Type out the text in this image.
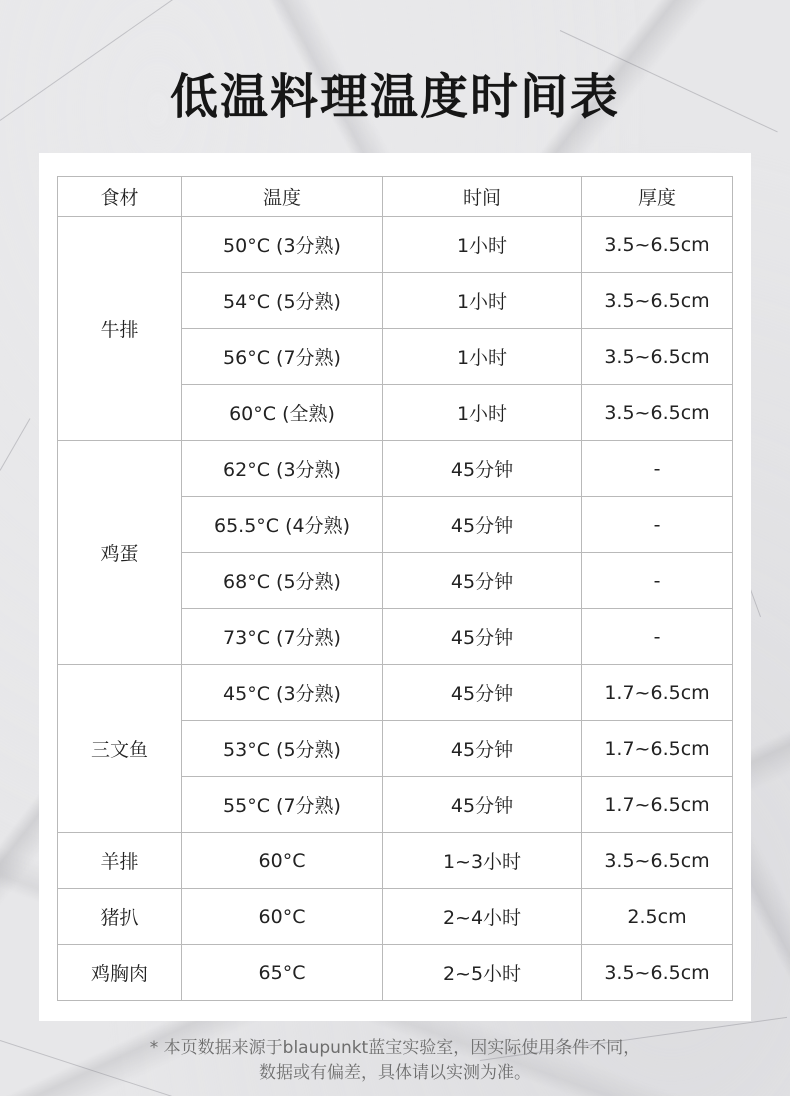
低温料理温度时间表
食材	温度	时间	厚度
牛排	50°C (3分熟)	1小时	3.5~6.5cm
	54°C (5分熟)	1小时	3.5~6.5cm
	56°C (7分熟)	1小时	3.5~6.5cm
	60°C (全熟)	1小时	3.5~6.5cm
鸡蛋	62°C (3分熟)	45分钟	-
	65.5°C (4分熟)	45分钟	-
	68°C (5分熟)	45分钟	-
	73°C (7分熟)	45分钟	-
三文鱼	45°C (3分熟)	45分钟	1.7~6.5cm
	53°C (5分熟)	45分钟	1.7~6.5cm
	55°C (7分熟)	45分钟	1.7~6.5cm
羊排	60°C	1~3小时	3.5~6.5cm
猪扒	60°C	2~4小时	2.5cm
鸡胸肉	65°C	2~5小时	3.5~6.5cm
* 本页数据来源于blaupunkt蓝宝实验室，因实际使用条件不同，
数据或有偏差，具体请以实测为准。
